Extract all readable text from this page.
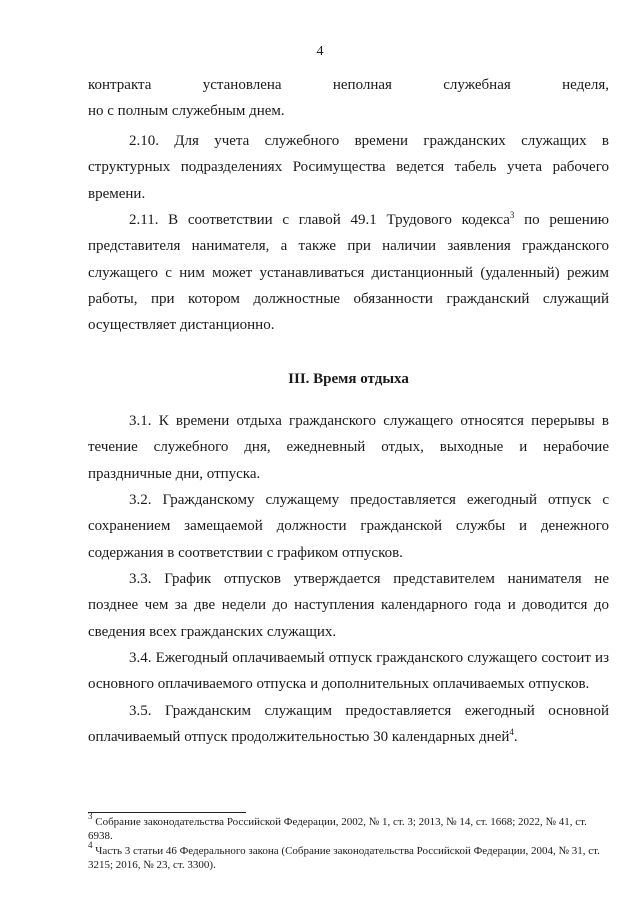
4

контракта установлена неполная служебная неделя,

но с полным служебным днем.

2.10. Для учета служебного времени гражданских служащих в структурных подразделениях Росимущества ведется табель учета рабочего времени.

2.11. В соответствии с главой 49.1 Трудового кодекса$^3$ по решению представителя нанимателя, а также при наличии заявления гражданского служащего с ним может устанавливаться дистанционный (удаленный) режим работы, при котором должностные обязанности гражданский служащий осуществляет дистанционно.

III. Время отдыха

3.1. К времени отдыха гражданского служащего относятся перерывы в течение служебного дня, ежедневный отдых, выходные и нерабочие праздничные дни, отпуска.

3.2. Гражданскому служащему предоставляется ежегодный отпуск с сохранением замещаемой должности гражданской службы и денежного содержания в соответствии с графиком отпусков.

3.3. График отпусков утверждается представителем нанимателя не позднее чем за две недели до наступления календарного года и доводится до сведения всех гражданских служащих.

3.4. Ежегодный оплачиваемый отпуск гражданского служащего состоит из основного оплачиваемого отпуска и дополнительных оплачиваемых отпусков.

3.5. Гражданским служащим предоставляется ежегодный основной оплачиваемый отпуск продолжительностью 30 календарных дней$^4$.

$^3$ Собрание законодательства Российской Федерации, 2002, № 1, ст. 3; 2013, № 14, ст. 1668; 2022, № 41, ст. 6938.

$^4$ Часть 3 статьи 46 Федерального закона (Собрание законодательства Российской Федерации, 2004, № 31, ст. 3215; 2016, № 23, ст. 3300).
